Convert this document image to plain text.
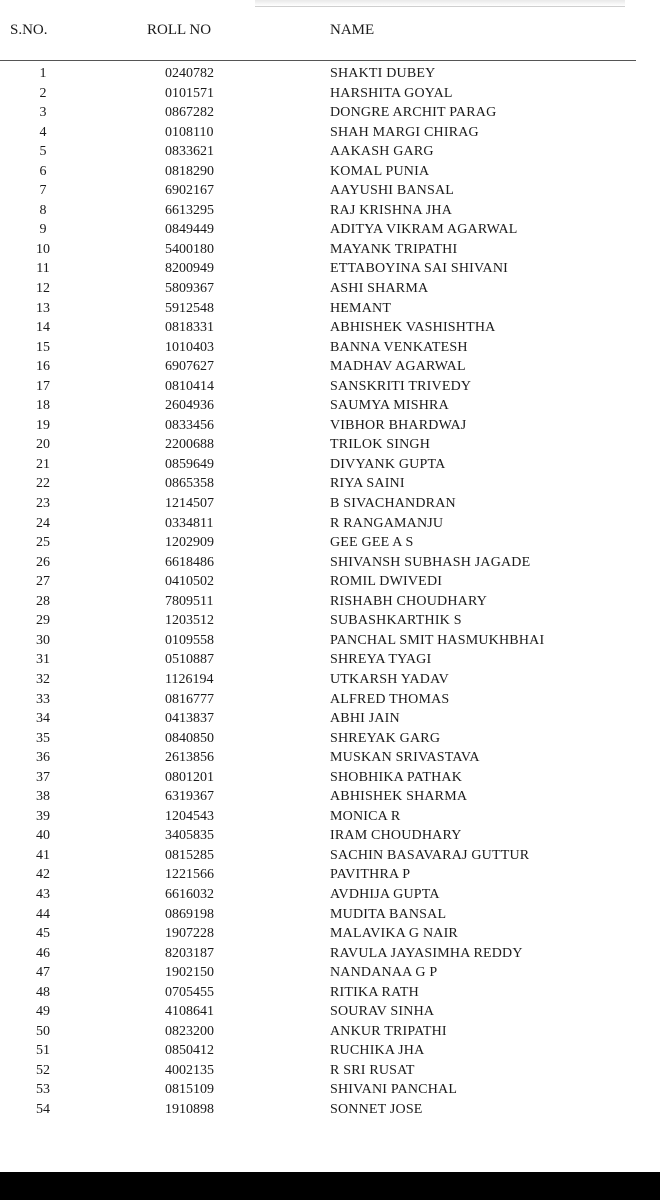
S.NO.	ROLL NO	NAME
1	0240782	SHAKTI DUBEY
2	0101571	HARSHITA GOYAL
3	0867282	DONGRE ARCHIT PARAG
4	0108110	SHAH MARGI CHIRAG
5	0833621	AAKASH GARG
6	0818290	KOMAL PUNIA
7	6902167	AAYUSHI BANSAL
8	6613295	RAJ KRISHNA JHA
9	0849449	ADITYA VIKRAM AGARWAL
10	5400180	MAYANK TRIPATHI
11	8200949	ETTABOYINA SAI SHIVANI
12	5809367	ASHI SHARMA
13	5912548	HEMANT
14	0818331	ABHISHEK VASHISHTHA
15	1010403	BANNA VENKATESH
16	6907627	MADHAV AGARWAL
17	0810414	SANSKRITI TRIVEDY
18	2604936	SAUMYA MISHRA
19	0833456	VIBHOR BHARDWAJ
20	2200688	TRILOK SINGH
21	0859649	DIVYANK GUPTA
22	0865358	RIYA SAINI
23	1214507	B SIVACHANDRAN
24	0334811	R RANGAMANJU
25	1202909	GEE GEE A S
26	6618486	SHIVANSH SUBHASH JAGADE
27	0410502	ROMIL DWIVEDI
28	7809511	RISHABH CHOUDHARY
29	1203512	SUBASHKARTHIK S
30	0109558	PANCHAL SMIT HASMUKHBHAI
31	0510887	SHREYA TYAGI
32	1126194	UTKARSH YADAV
33	0816777	ALFRED THOMAS
34	0413837	ABHI JAIN
35	0840850	SHREYAK GARG
36	2613856	MUSKAN SRIVASTAVA
37	0801201	SHOBHIKA PATHAK
38	6319367	ABHISHEK SHARMA
39	1204543	MONICA R
40	3405835	IRAM CHOUDHARY
41	0815285	SACHIN BASAVARAJ GUTTUR
42	1221566	PAVITHRA P
43	6616032	AVDHIJA GUPTA
44	0869198	MUDITA BANSAL
45	1907228	MALAVIKA G NAIR
46	8203187	RAVULA JAYASIMHA REDDY
47	1902150	NANDANAA G P
48	0705455	RITIKA RATH
49	4108641	SOURAV SINHA
50	0823200	ANKUR TRIPATHI
51	0850412	RUCHIKA JHA
52	4002135	R SRI RUSAT
53	0815109	SHIVANI PANCHAL
54	1910898	SONNET JOSE
